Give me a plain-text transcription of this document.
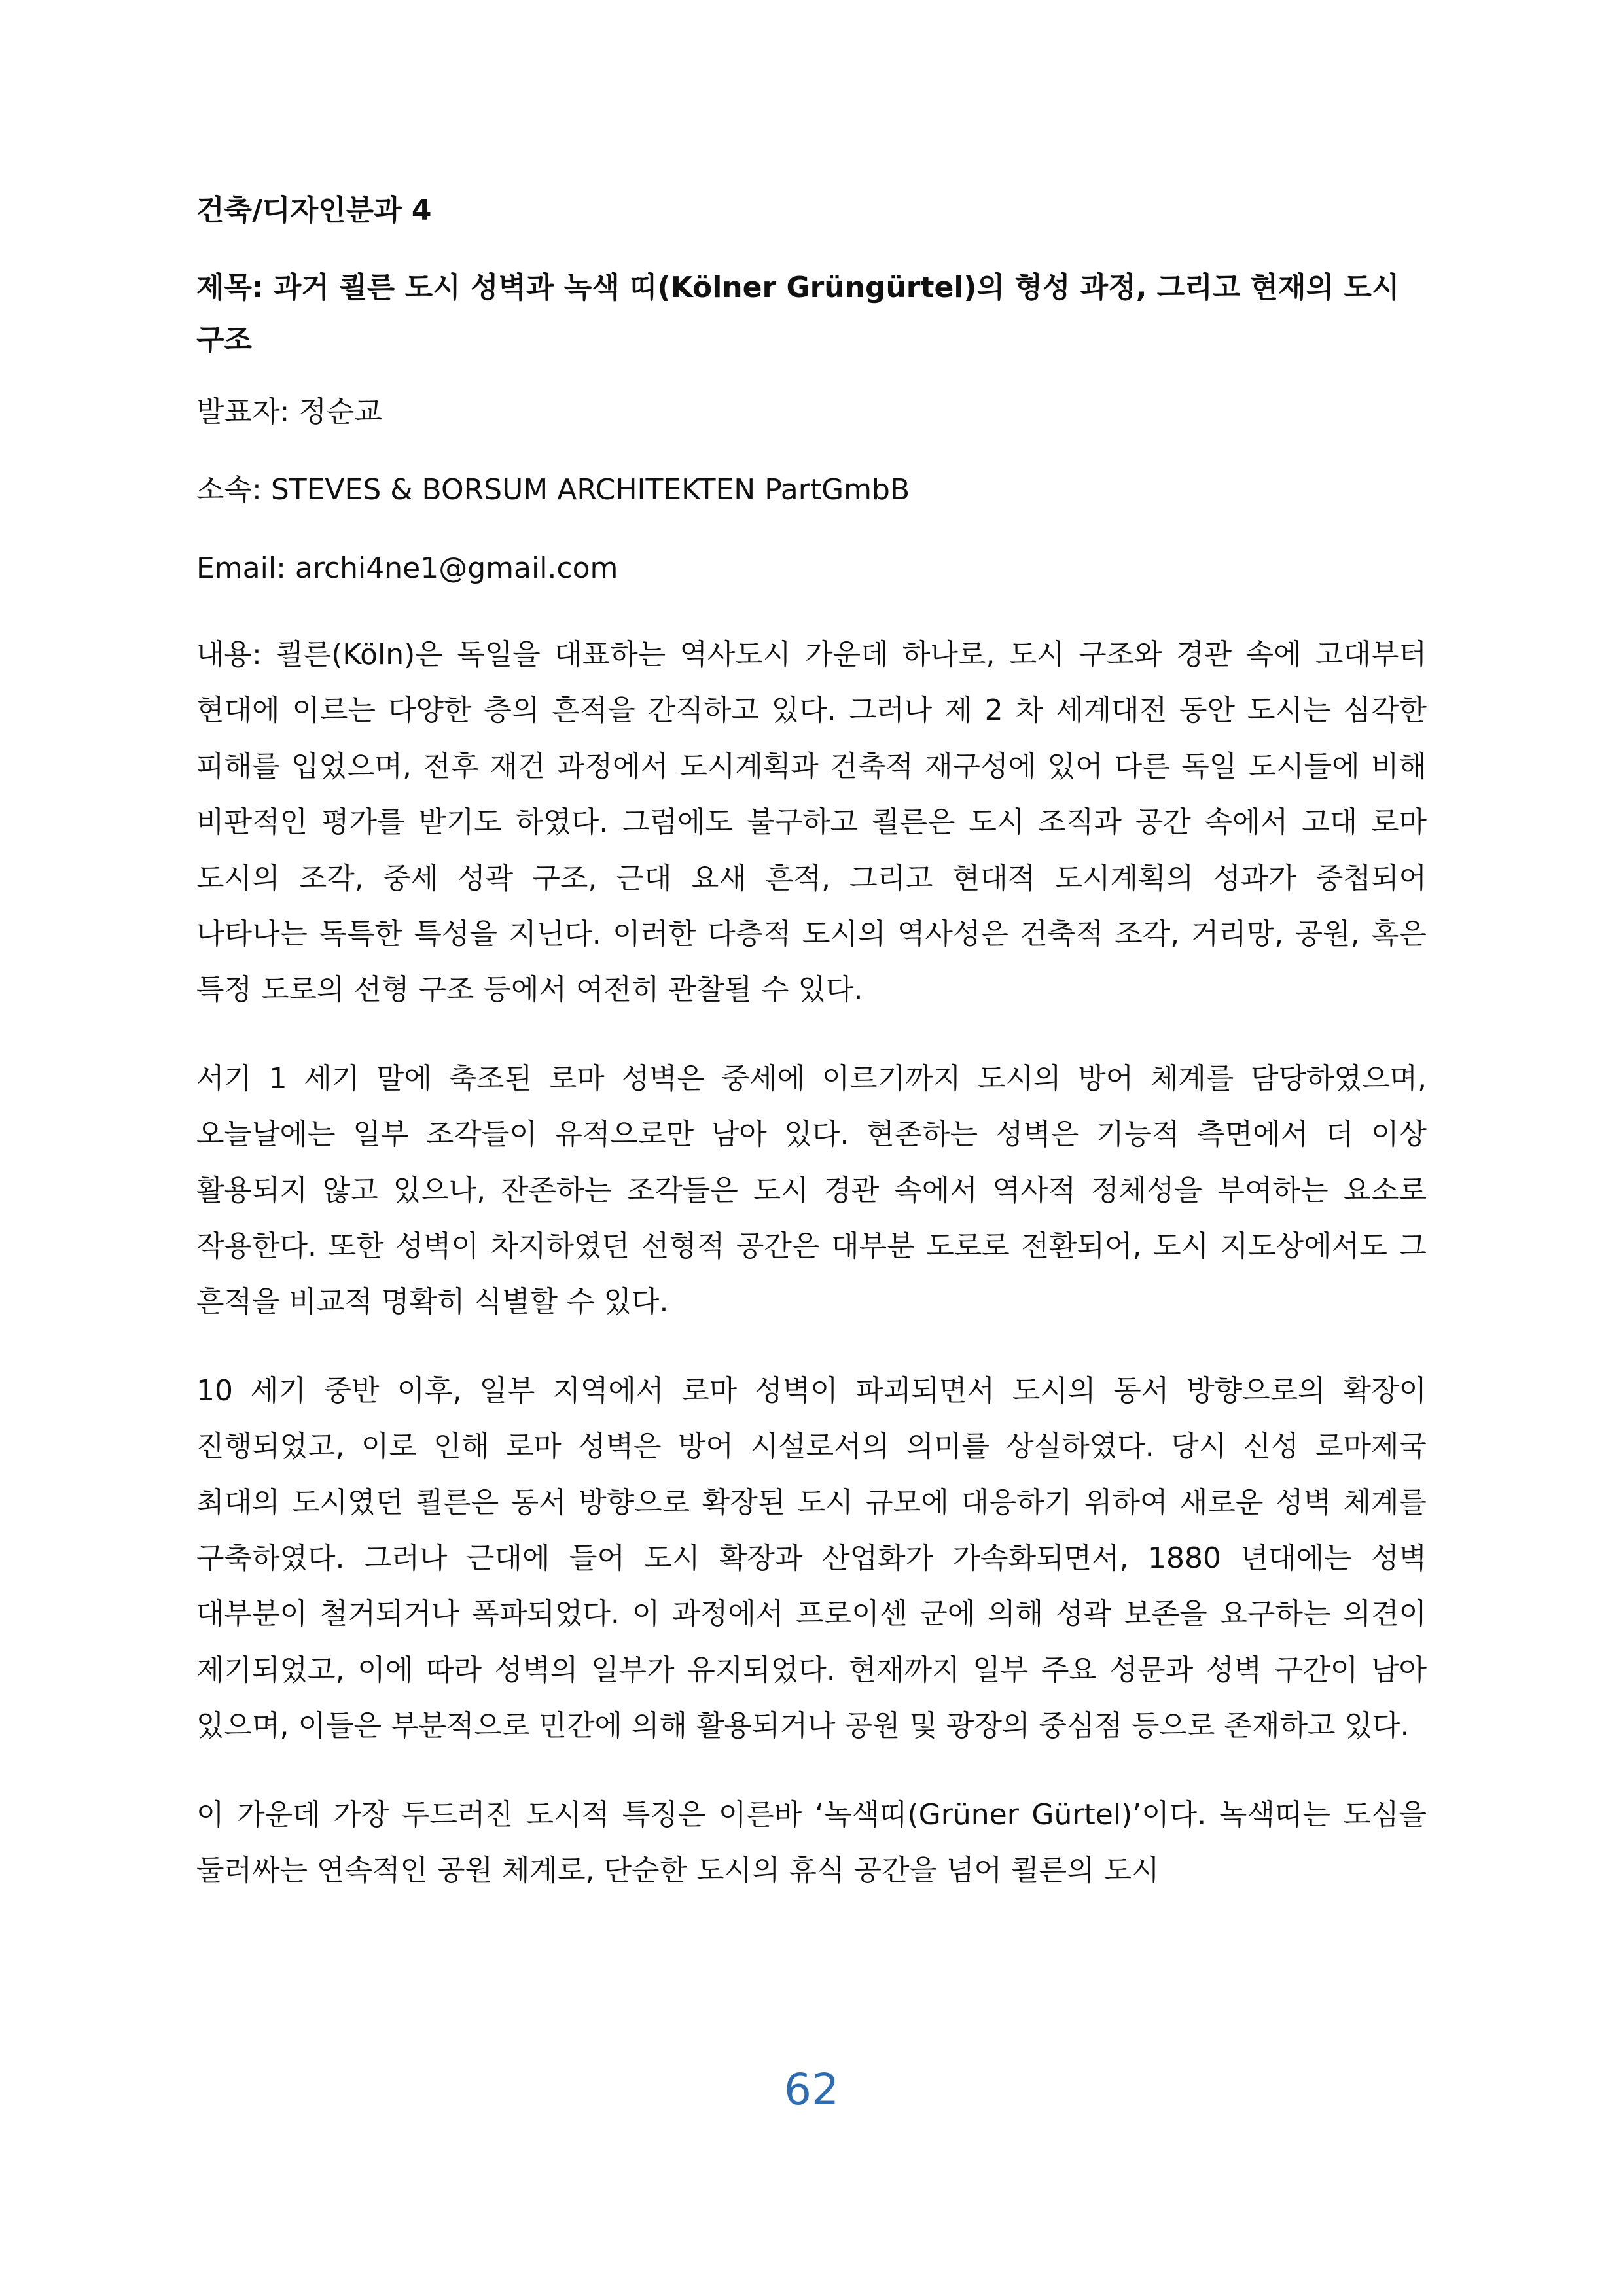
건축/디자인분과 4
제목: 과거 쾰른 도시 성벽과 녹색 띠(Kölner Grüngürtel)의 형성 과정, 그리고 현재의 도시구조
발표자: 정순교
소속: STEVES & BORSUM ARCHITEKTEN PartGmbB
Email: archi4ne1@gmail.com

내용: 쾰른(Köln)은 독일을 대표하는 역사도시 가운데 하나로, 도시 구조와 경관 속에 고대부터 현대에 이르는 다양한 층의 흔적을 간직하고 있다. 그러나 제 2 차 세계대전 동안 도시는 심각한 피해를 입었으며, 전후 재건 과정에서 도시계획과 건축적 재구성에 있어 다른 독일 도시들에 비해 비판적인 평가를 받기도 하였다. 그럼에도 불구하고 쾰른은 도시 조직과 공간 속에서 고대 로마 도시의 조각, 중세 성곽 구조, 근대 요새 흔적, 그리고 현대적 도시계획의 성과가 중첩되어 나타나는 독특한 특성을 지닌다. 이러한 다층적 도시의 역사성은 건축적 조각, 거리망, 공원, 혹은 특정 도로의 선형 구조 등에서 여전히 관찰될 수 있다.

서기 1 세기 말에 축조된 로마 성벽은 중세에 이르기까지 도시의 방어 체계를 담당하였으며, 오늘날에는 일부 조각들이 유적으로만 남아 있다. 현존하는 성벽은 기능적 측면에서 더 이상 활용되지 않고 있으나, 잔존하는 조각들은 도시 경관 속에서 역사적 정체성을 부여하는 요소로 작용한다. 또한 성벽이 차지하였던 선형적 공간은 대부분 도로로 전환되어, 도시 지도상에서도 그 흔적을 비교적 명확히 식별할 수 있다.

10 세기 중반 이후, 일부 지역에서 로마 성벽이 파괴되면서 도시의 동서 방향으로의 확장이 진행되었고, 이로 인해 로마 성벽은 방어 시설로서의 의미를 상실하였다. 당시 신성 로마제국 최대의 도시였던 쾰른은 동서 방향으로 확장된 도시 규모에 대응하기 위하여 새로운 성벽 체계를 구축하였다. 그러나 근대에 들어 도시 확장과 산업화가 가속화되면서, 1880 년대에는 성벽 대부분이 철거되거나 폭파되었다. 이 과정에서 프로이센 군에 의해 성곽 보존을 요구하는 의견이 제기되었고, 이에 따라 성벽의 일부가 유지되었다. 현재까지 일부 주요 성문과 성벽 구간이 남아 있으며, 이들은 부분적으로 민간에 의해 활용되거나 공원 및 광장의 중심점 등으로 존재하고 있다.

이 가운데 가장 두드러진 도시적 특징은 이른바 ‘녹색띠(Grüner Gürtel)’이다. 녹색띠는 도심을 둘러싸는 연속적인 공원 체계로, 단순한 도시의 휴식 공간을 넘어 쾰른의 도시

62
